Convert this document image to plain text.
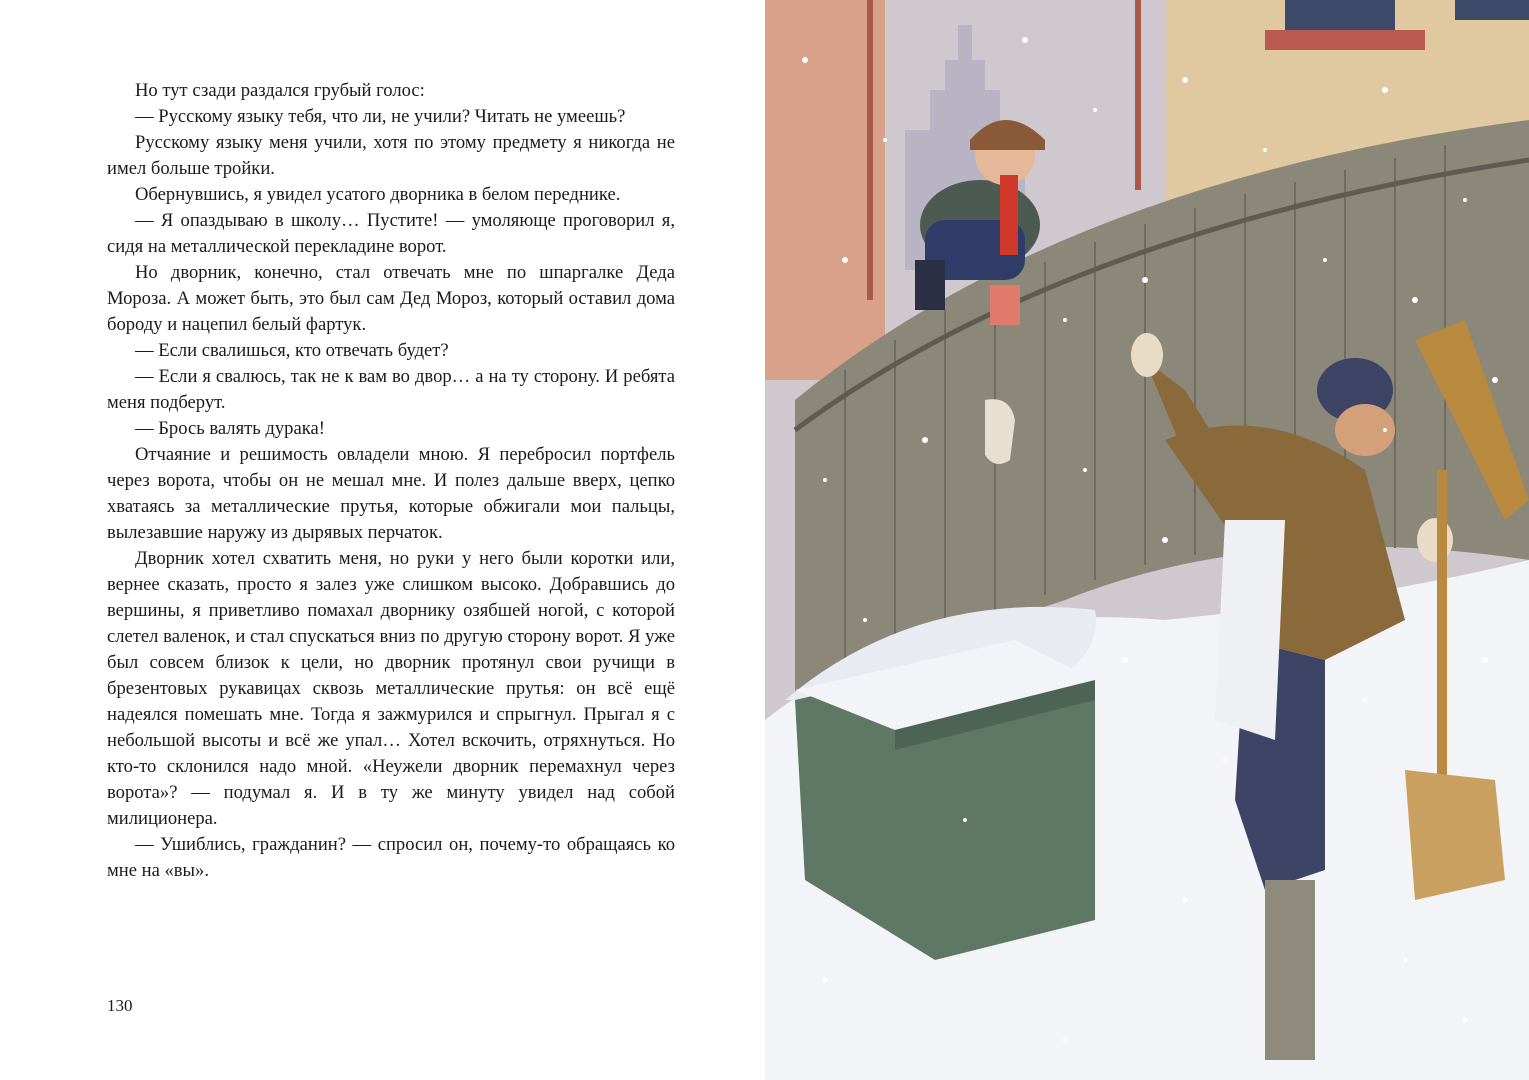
Но тут сзади раздался грубый голос:

— Русскому языку тебя, что ли, не учили? Читать не умеешь?

Русскому языку меня учили, хотя по этому предмету я никогда не имел больше тройки.

Обернувшись, я увидел усатого дворника в белом переднике.

— Я опаздываю в школу… Пустите! — умоляюще проговорил я, сидя на металлической перекладине ворот.

Но дворник, конечно, стал отвечать мне по шпаргалке Деда Мороза. А может быть, это был сам Дед Мороз, который оставил дома бороду и нацепил белый фартук.

— Если свалишься, кто отвечать будет?

— Если я свалюсь, так не к вам во двор… а на ту сторону. И ребята меня подберут.

— Брось валять дурака!

Отчаяние и решимость овладели мною. Я перебросил портфель через ворота, чтобы он не мешал мне. И полез дальше вверх, цепко хватаясь за металлические прутья, которые обжигали мои пальцы, вылезавшие наружу из дырявых перчаток.

Дворник хотел схватить меня, но руки у него были коротки или, вернее сказать, просто я залез уже слишком высоко. Добравшись до вершины, я приветливо помахал дворнику озябшей ногой, с которой слетел валенок, и стал спускаться вниз по другую сторону ворот. Я уже был совсем близок к цели, но дворник протянул свои ручищи в брезентовых рукавицах сквозь металлические прутья: он всё ещё надеялся помешать мне. Тогда я зажмурился и спрыгнул. Прыгал я с небольшой высоты и всё же упал… Хотел вскочить, отряхнуться. Но кто-то склонился надо мной. «Неужели дворник перемахнул через ворота»? — подумал я. И в ту же минуту увидел над собой милиционера.

— Ушиблись, гражданин? — спросил он, почему-то обращаясь ко мне на «вы».

130
